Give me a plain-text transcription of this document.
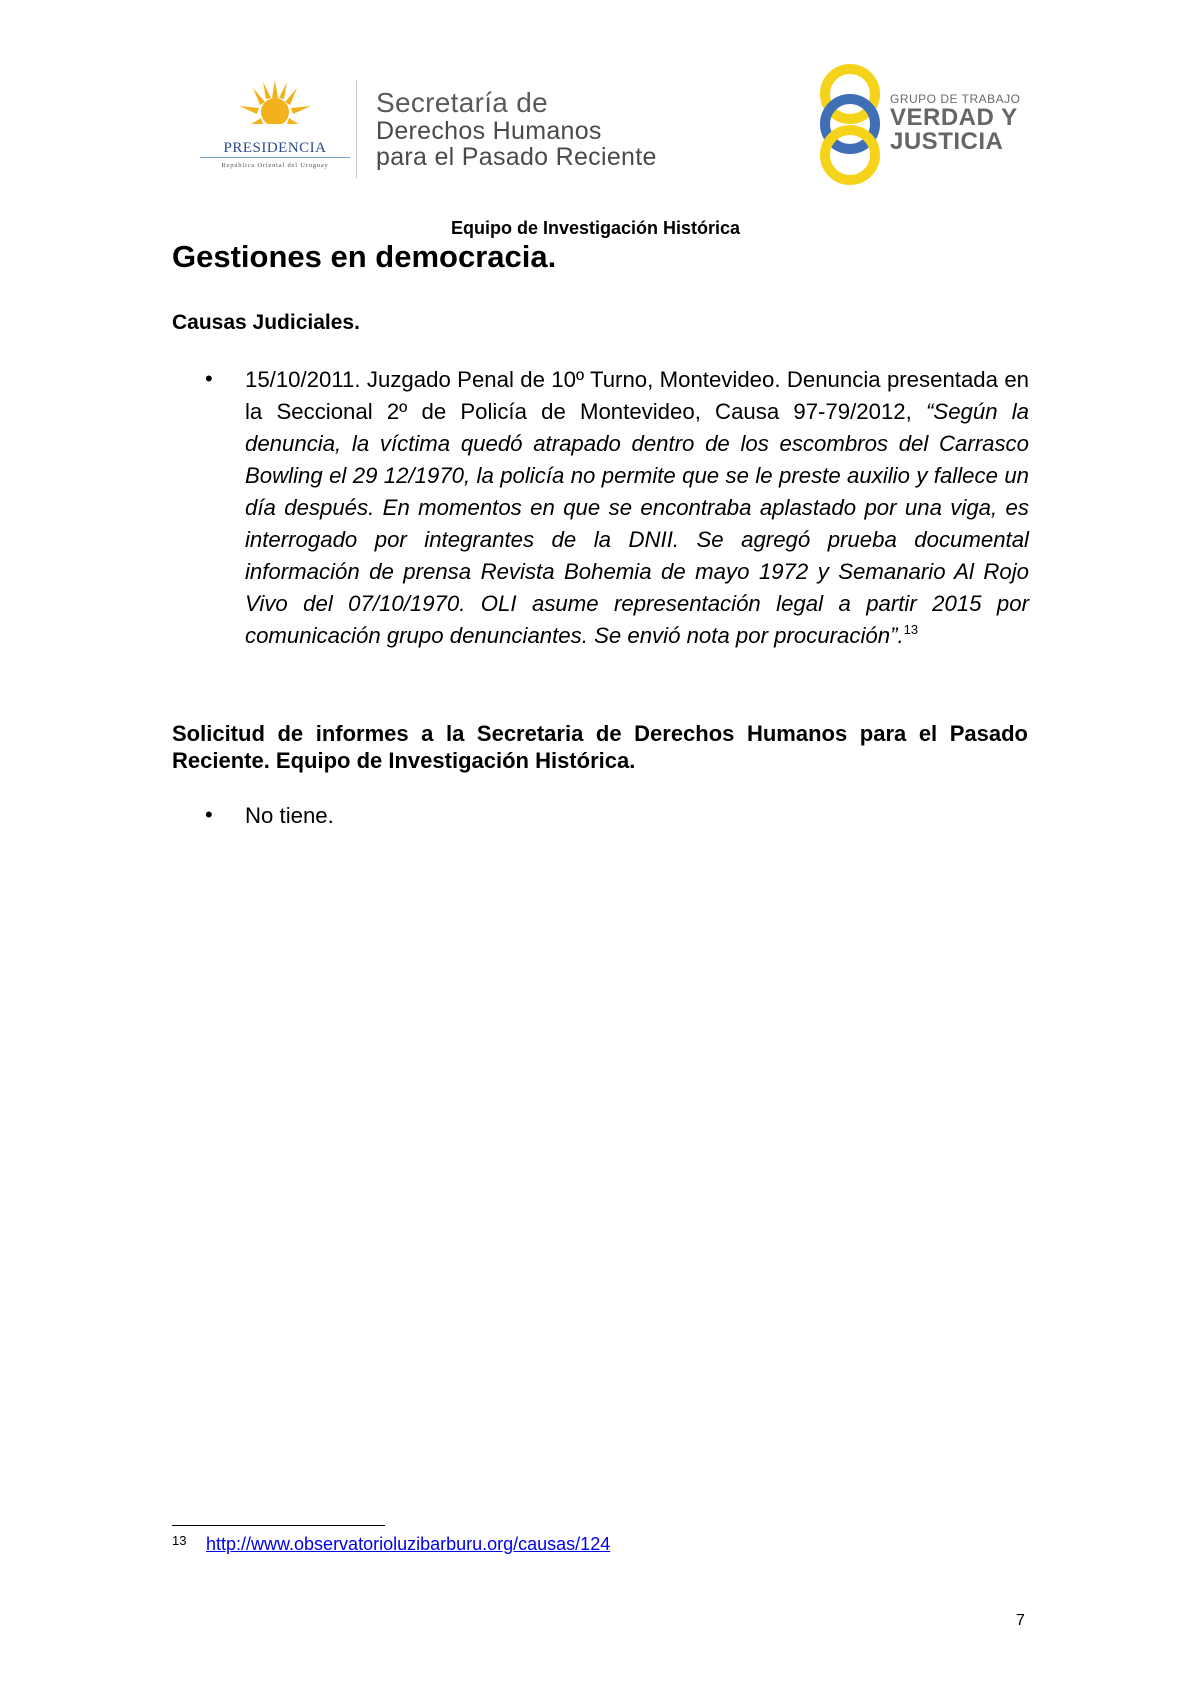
PRESIDENCIA
República Oriental del Uruguay
Secretaría de
Derechos Humanos
para el Pasado Reciente
GRUPO DE TRABAJO
VERDAD Y
JUSTICIA
Equipo de Investigación Histórica
Gestiones en democracia.
Causas Judiciales.
• 15/10/2011. Juzgado Penal de 10º Turno, Montevideo. Denuncia presentada en la Seccional 2º de Policía de Montevideo, Causa 97-79/2012, “Según la denuncia, la víctima quedó atrapado dentro de los escombros del Carrasco Bowling el 29 12/1970, la policía no permite que se le preste auxilio y fallece un día después. En momentos en que se encontraba aplastado por una viga, es interrogado por integrantes de la DNII. Se agregó prueba documental información de prensa Revista Bohemia de mayo 1972 y Semanario Al Rojo Vivo del 07/10/1970. OLI asume representación legal a partir 2015 por comunicación grupo denunciantes. Se envió nota por procuración”.$^{13}$
Solicitud de informes a la Secretaria de Derechos Humanos para el Pasado Reciente. Equipo de Investigación Histórica.
• No tiene.
13 http://www.observatorioluzibarburu.org/causas/124
7
